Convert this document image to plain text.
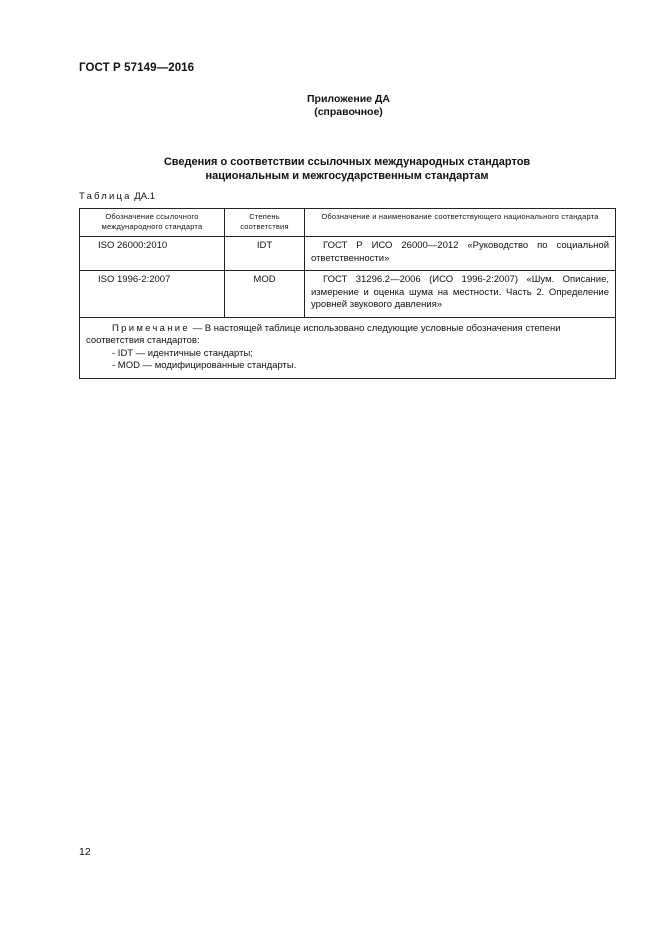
ГОСТ Р 57149—2016
Приложение ДА
(справочное)
Сведения о соответствии ссылочных международных стандартов
национальным и межгосударственным стандартам
Таблица ДА.1
Обозначение ссылочного международного стандарта	Степень соответствия	Обозначение и наименование соответствующего национального стандарта
ISO 26000:2010	IDT	ГОСТ Р ИСО 26000—2012 «Руководство по социальной ответственности»
ISO 1996-2:2007	MOD	ГОСТ 31296.2—2006 (ИСО 1996-2:2007) «Шум. Описание, измерение и оценка шума на местности. Часть 2. Определение уровней звукового давления»

Примечание — В настоящей таблице использовано следующие условные обозначения степени соответствия стандартов:
- IDT — идентичные стандарты;
- MOD — модифицированные стандарты.		
12
